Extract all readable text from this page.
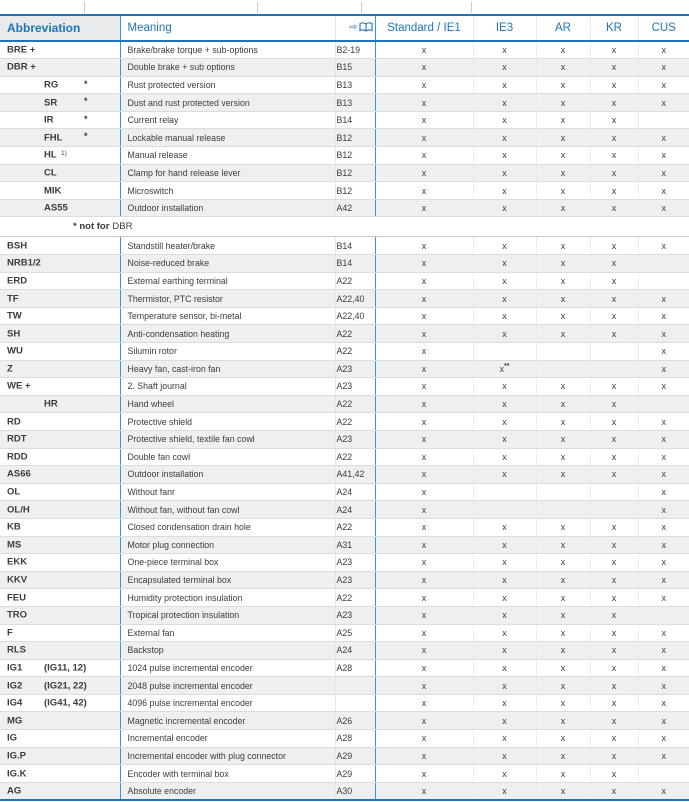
Abbreviation	Meaning	⇨	Standard / IE1	IE3	AR	KR	CUS

BRE +	Brake/brake torque + sub-options	B2-19	x	x	x	x	x

DBR +	Double brake + sub options	B15	x	x	x	x	x

RG *	Rust protected version	B13	x	x	x	x	x

SR *	Dust and rust protected version	B13	x	x	x	x	x

IR *	Current relay	B14	x	x	x	x	

FHL *	Lockable manual release	B12	x	x	x	x	x

HL 1)	Manual release	B12	x	x	x	x	x

CL	Clamp for hand release lever	B12	x	x	x	x	x

MIK	Microswitch	B12	x	x	x	x	x

AS55	Outdoor installation	A42	x	x	x	x	x
* not for DBR							

BSH	Standstill heater/brake	B14	x	x	x	x	x

NRB1/2	Noise-reduced brake	B14	x	x	x	x	

ERD	External earthing terminal	A22	x	x	x	x	

TF	Thermistor, PTC resistor	A22,40	x	x	x	x	x

TW	Temperature sensor, bi-metal	A22,40	x	x	x	x	x

SH	Anti-condensation heating	A22	x	x	x	x	x

WU	Silumin rotor	A22	x				x

Z	Heavy fan, cast-iron fan	A23	x	x**			x

WE +	2. Shaft journal	A23	x	x	x	x	x

HR	Hand wheel	A22	x	x	x	x	

RD	Protective shield	A22	x	x	x	x	x

RDT	Protective shield, textile fan cowl	A23	x	x	x	x	x

RDD	Double fan cowl	A22	x	x	x	x	x

AS66	Outdoor installation	A41,42	x	x	x	x	x

OL	Without fanr	A24	x				x

OL/H	Without fan, without fan cowl	A24	x				x

KB	Closed condensation drain hole	A22	x	x	x	x	x

MS	Motor plug connection	A31	x	x	x	x	x

EKK	One-piece terminal box	A23	x	x	x	x	x

KKV	Encapsulated terminal box	A23	x	x	x	x	x

FEU	Humidity protection insulation	A22	x	x	x	x	x

TRO	Tropical protection insulation	A23	x	x	x	x	

F	External fan	A25	x	x	x	x	x

RLS	Backstop	A24	x	x	x	x	x

IG1 (IG11, 12)	1024 pulse incremental encoder	A28	x	x	x	x	x

IG2 (IG21, 22)	2048 pulse incremental encoder		x	x	x	x	x

IG4 (IG41, 42)	4096 pulse incremental encoder		x	x	x	x	x

MG	Magnetic incremental encoder	A26	x	x	x	x	x

IG	Incremental encoder	A28	x	x	x	x	x

IG.P	Incremental encoder with plug connector	A29	x	x	x	x	x

IG.K	Encoder with terminal box	A29	x	x	x	x	

AG	Absolute encoder	A30	x	x	x	x	x
